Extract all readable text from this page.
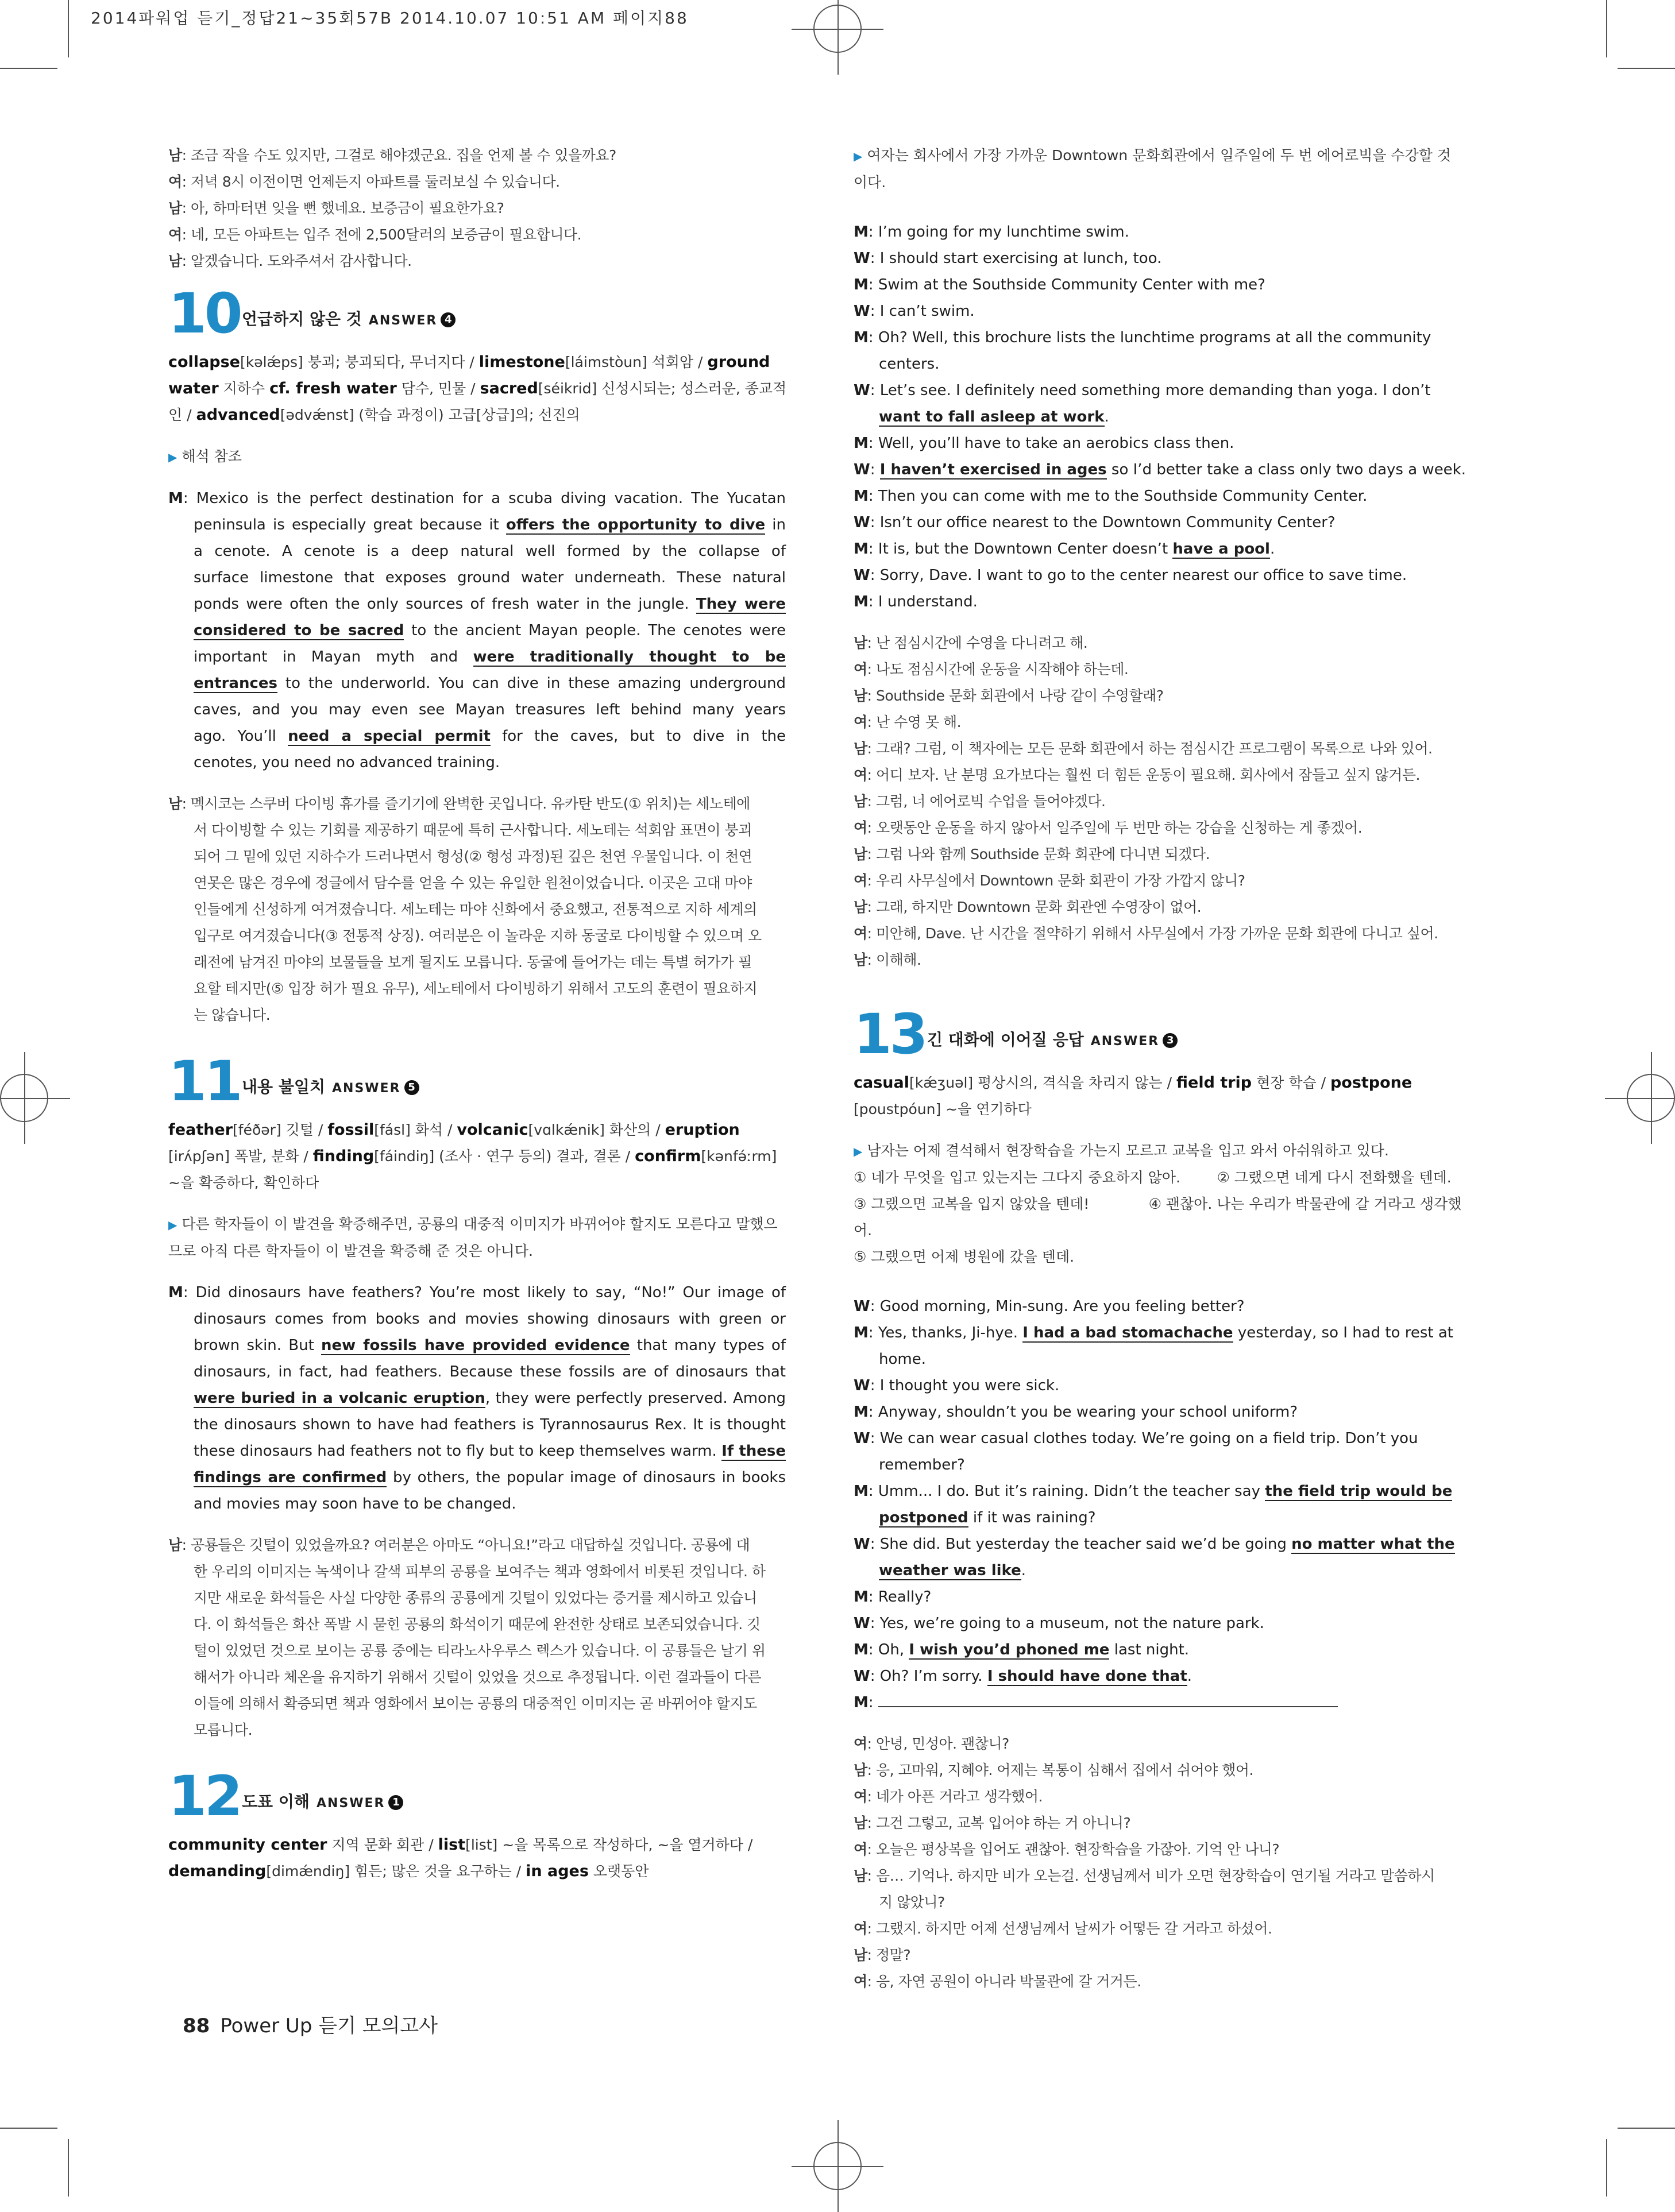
2014파워업 듣기_정답21~35회57B 2014.10.07 10:51 AM 페이지88
남: 조금 작을 수도 있지만, 그걸로 해야겠군요. 집을 언제 볼 수 있을까요?
여: 저녁 8시 이전이면 언제든지 아파트를 둘러보실 수 있습니다.
남: 아, 하마터면 잊을 뻔 했네요. 보증금이 필요한가요?
여: 네, 모든 아파트는 입주 전에 2,500달러의 보증금이 필요합니다.
남: 알겠습니다. 도와주셔서 감사합니다.
10 언급하지 않은 것 ANSWER 4
collapse[kəlǽps] 붕괴; 붕괴되다, 무너지다 / limestone[láimstòun] 석회암 / ground
water 지하수 cf. fresh water 담수, 민물 / sacred[séikrid] 신성시되는; 성스러운, 종교적
인 / advanced[ədvǽnst] (학습 과정이) 고급[상급]의; 선진의
▶ 해석 참조
M: Mexico is the perfect destination for a scuba diving vacation. The Yucatan
peninsula is especially great because it offers the opportunity to dive in
a cenote. A cenote is a deep natural well formed by the collapse of
surface limestone that exposes ground water underneath. These natural
ponds were often the only sources of fresh water in the jungle. They were
considered to be sacred to the ancient Mayan people. The cenotes were
important in Mayan myth and were traditionally thought to be
entrances to the underworld. You can dive in these amazing underground
caves, and you may even see Mayan treasures left behind many years
ago. You’ll need a special permit for the caves, but to dive in the
cenotes, you need no advanced training.
남: 멕시코는 스쿠버 다이빙 휴가를 즐기기에 완벽한 곳입니다. 유카탄 반도(① 위치)는 세노테에
서 다이빙할 수 있는 기회를 제공하기 때문에 특히 근사합니다. 세노테는 석회암 표면이 붕괴
되어 그 밑에 있던 지하수가 드러나면서 형성(② 형성 과정)된 깊은 천연 우물입니다. 이 천연
연못은 많은 경우에 정글에서 담수를 얻을 수 있는 유일한 원천이었습니다. 이곳은 고대 마야
인들에게 신성하게 여겨졌습니다. 세노테는 마야 신화에서 중요했고, 전통적으로 지하 세계의
입구로 여겨졌습니다(③ 전통적 상징). 여러분은 이 놀라운 지하 동굴로 다이빙할 수 있으며 오
래전에 남겨진 마야의 보물들을 보게 될지도 모릅니다. 동굴에 들어가는 데는 특별 허가가 필
요할 테지만(⑤ 입장 허가 필요 유무), 세노테에서 다이빙하기 위해서 고도의 훈련이 필요하지
는 않습니다.
11 내용 불일치 ANSWER 5
feather[féðər] 깃털 / fossil[fásl] 화석 / volcanic[vɑlkǽnik] 화산의 / eruption
[irʌ́pʃən] 폭발, 분화 / finding[fáindiŋ] (조사 · 연구 등의) 결과, 결론 / confirm[kənfə́ːrm]
~을 확증하다, 확인하다
▶ 다른 학자들이 이 발견을 확증해주면, 공룡의 대중적 이미지가 바뀌어야 할지도 모른다고 말했으
므로 아직 다른 학자들이 이 발견을 확증해 준 것은 아니다.
M: Did dinosaurs have feathers? You’re most likely to say, “No!” Our image of
dinosaurs comes from books and movies showing dinosaurs with green or
brown skin. But new fossils have provided evidence that many types of
dinosaurs, in fact, had feathers. Because these fossils are of dinosaurs that
were buried in a volcanic eruption, they were perfectly preserved. Among
the dinosaurs shown to have had feathers is Tyrannosaurus Rex. It is thought
these dinosaurs had feathers not to fly but to keep themselves warm. If these
findings are confirmed by others, the popular image of dinosaurs in books
and movies may soon have to be changed.
남: 공룡들은 깃털이 있었을까요? 여러분은 아마도 “아니요!”라고 대답하실 것입니다. 공룡에 대
한 우리의 이미지는 녹색이나 갈색 피부의 공룡을 보여주는 책과 영화에서 비롯된 것입니다. 하
지만 새로운 화석들은 사실 다양한 종류의 공룡에게 깃털이 있었다는 증거를 제시하고 있습니
다. 이 화석들은 화산 폭발 시 묻힌 공룡의 화석이기 때문에 완전한 상태로 보존되었습니다. 깃
털이 있었던 것으로 보이는 공룡 중에는 티라노사우루스 렉스가 있습니다. 이 공룡들은 날기 위
해서가 아니라 체온을 유지하기 위해서 깃털이 있었을 것으로 추정됩니다. 이런 결과들이 다른
이들에 의해서 확증되면 책과 영화에서 보이는 공룡의 대중적인 이미지는 곧 바뀌어야 할지도
모릅니다.
12 도표 이해 ANSWER 1
community center 지역 문화 회관 / list[list] ~을 목록으로 작성하다, ~을 열거하다 /
demanding[dimǽndiŋ] 힘든; 많은 것을 요구하는 / in ages 오랫동안
▶ 여자는 회사에서 가장 가까운 Downtown 문화회관에서 일주일에 두 번 에어로빅을 수강할 것
이다.
M: I’m going for my lunchtime swim.
W: I should start exercising at lunch, too.
M: Swim at the Southside Community Center with me?
W: I can’t swim.
M: Oh? Well, this brochure lists the lunchtime programs at all the community
centers.
W: Let’s see. I definitely need something more demanding than yoga. I don’t
want to fall asleep at work.
M: Well, you’ll have to take an aerobics class then.
W: I haven’t exercised in ages so I’d better take a class only two days a week.
M: Then you can come with me to the Southside Community Center.
W: Isn’t our office nearest to the Downtown Community Center?
M: It is, but the Downtown Center doesn’t have a pool.
W: Sorry, Dave. I want to go to the center nearest our office to save time.
M: I understand.
남: 난 점심시간에 수영을 다니려고 해.
여: 나도 점심시간에 운동을 시작해야 하는데.
남: Southside 문화 회관에서 나랑 같이 수영할래?
여: 난 수영 못 해.
남: 그래? 그럼, 이 책자에는 모든 문화 회관에서 하는 점심시간 프로그램이 목록으로 나와 있어.
여: 어디 보자. 난 분명 요가보다는 훨씬 더 힘든 운동이 필요해. 회사에서 잠들고 싶지 않거든.
남: 그럼, 너 에어로빅 수업을 들어야겠다.
여: 오랫동안 운동을 하지 않아서 일주일에 두 번만 하는 강습을 신청하는 게 좋겠어.
남: 그럼 나와 함께 Southside 문화 회관에 다니면 되겠다.
여: 우리 사무실에서 Downtown 문화 회관이 가장 가깝지 않니?
남: 그래, 하지만 Downtown 문화 회관엔 수영장이 없어.
여: 미안해, Dave. 난 시간을 절약하기 위해서 사무실에서 가장 가까운 문화 회관에 다니고 싶어.
남: 이해해.
13 긴 대화에 이어질 응답 ANSWER 3
casual[kǽʒuəl] 평상시의, 격식을 차리지 않는 / field trip 현장 학습 / postpone
[poustpóun] ~을 연기하다
▶ 남자는 어제 결석해서 현장학습을 가는지 모르고 교복을 입고 와서 아쉬워하고 있다.
① 네가 무엇을 입고 있는지는 그다지 중요하지 않아.        ② 그랬으면 네게 다시 전화했을 텐데.
③ 그랬으면 교복을 입지 않았을 텐데!             ④ 괜찮아. 나는 우리가 박물관에 갈 거라고 생각했어.
⑤ 그랬으면 어제 병원에 갔을 텐데.
W: Good morning, Min-sung. Are you feeling better?
M: Yes, thanks, Ji-hye. I had a bad stomachache yesterday, so I had to rest at
home.
W: I thought you were sick.
M: Anyway, shouldn’t you be wearing your school uniform?
W: We can wear casual clothes today. We’re going on a field trip. Don’t you
remember?
M: Umm... I do. But it’s raining. Didn’t the teacher say the field trip would be
postponed if it was raining?
W: She did. But yesterday the teacher said we’d be going no matter what the
weather was like.
M: Really?
W: Yes, we’re going to a museum, not the nature park.
M: Oh, I wish you’d phoned me last night.
W: Oh? I’m sorry. I should have done that.
M:
여: 안녕, 민성아. 괜찮니?
남: 응, 고마워, 지혜야. 어제는 복통이 심해서 집에서 쉬어야 했어.
여: 네가 아픈 거라고 생각했어.
남: 그건 그렇고, 교복 입어야 하는 거 아니니?
여: 오늘은 평상복을 입어도 괜찮아. 현장학습을 가잖아. 기억 안 나니?
남: 음… 기억나. 하지만 비가 오는걸. 선생님께서 비가 오면 현장학습이 연기될 거라고 말씀하시
지 않았니?
여: 그랬지. 하지만 어제 선생님께서 날씨가 어떻든 갈 거라고 하셨어.
남: 정말?
여: 응, 자연 공원이 아니라 박물관에 갈 거거든.
88 Power Up 듣기 모의고사
